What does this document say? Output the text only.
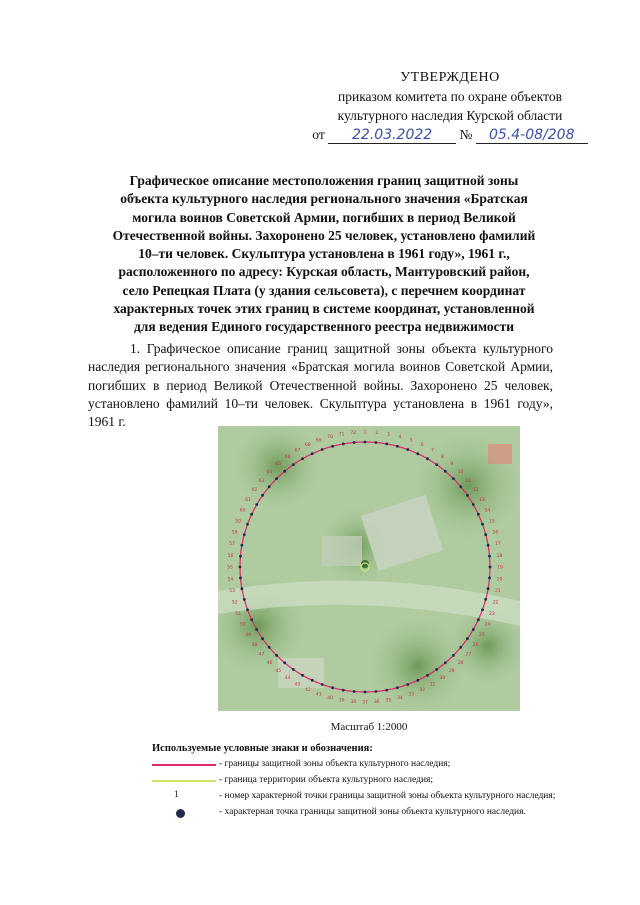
УТВЕРЖДЕНО
приказом комитета по охране объектов
культурного наследия Курской области
от 22.03.2022 № 05.4-08/208
Графическое описание местоположения границ защитной зоны
объекта культурного наследия регионального значения «Братская
могила воинов Советской Армии, погибших в период Великой
Отечественной войны. Захоронено 25 человек, установлено фамилий
10–ти человек. Скульптура установлена в 1961 году», 1961 г.,
расположенного по адресу: Курская область, Мантуровский район,
село Репецкая Плата (у здания сельсовета), с перечнем координат
характерных точек этих границ в системе координат, установленной
для ведения Единого государственного реестра недвижимости
1. Графическое описание границ защитной зоны объекта культурного наследия регионального значения «Братская могила воинов Советской Армии, погибших в период Великой Отечественной войны. Захоронено 25 человек, установлено фамилий 10–ти человек. Скульптура установлена в 1961 году», 1961 г.
1 2 3 4
5
6
7
8
9
10
11
12
13
14
15
16
17
18
19
20
21
22
23
24
25
26
27
28
29
30
31
32
33
34
35
36
37
38
39
40
41
42
43
44
45
46
47
48
49
50
51
52
53
54
55
56
57
58
59
60
61
62
63
64
65
66
67
68
69
70 71 72
Масштаб 1:2000
Используемые условные знаки и обозначения:
- границы защитной зоны объекта культурного наследия;
- граница территории объекта культурного наследия;
1	- номер характерной точки границы защитной зоны объекта культурного наследия;
- характерная точка границы защитной зоны объекта культурного наследия.
